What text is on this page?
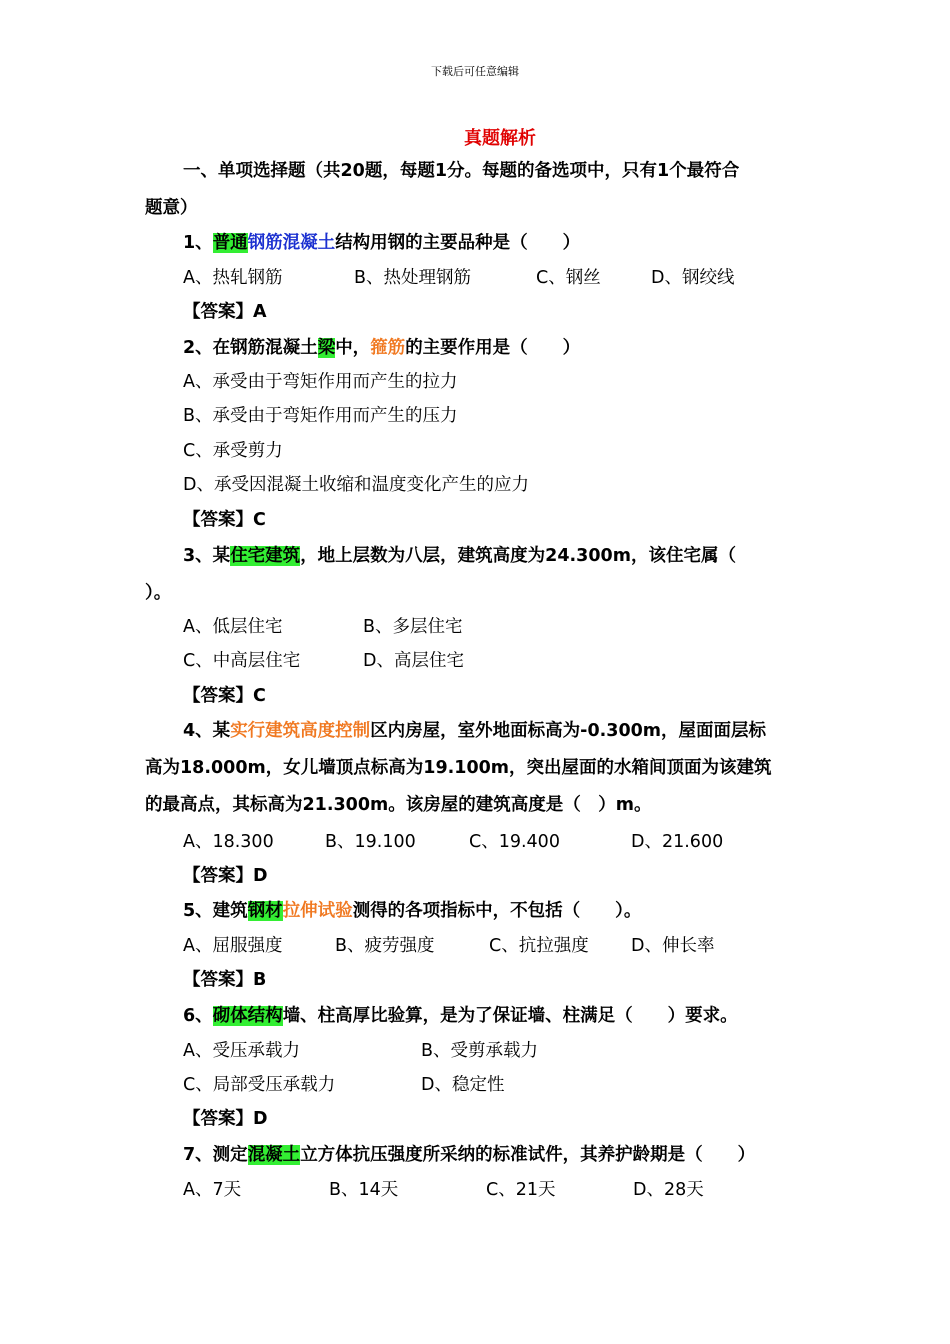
下载后可任意编辑
真题解析
一、单项选择题（共20题，每题1分。每题的备选项中，只有1个最符合
题意）
1、普通钢筋混凝土结构用钢的主要品种是（　　）
A、热轧钢筋	B、热处理钢筋	C、钢丝	D、钢绞线
【答案】A
2、在钢筋混凝土梁中，箍筋的主要作用是（　　）
A、承受由于弯矩作用而产生的拉力
B、承受由于弯矩作用而产生的压力
C、承受剪力
D、承受因混凝土收缩和温度变化产生的应力
【答案】C
3、某住宅建筑，地上层数为八层，建筑高度为24.300m，该住宅属（
）。
A、低层住宅	B、多层住宅
C、中高层住宅	D、高层住宅
【答案】C
4、某实行建筑高度控制区内房屋，室外地面标高为-0.300m，屋面面层标
高为18.000m，女儿墙顶点标高为19.100m，突出屋面的水箱间顶面为该建筑
的最高点，其标高为21.300m。该房屋的建筑高度是（　）m。
A、18.300	B、19.100	C、19.400	D、21.600
【答案】D
5、建筑钢材拉伸试验测得的各项指标中，不包括（　　）。
A、屈服强度	B、疲劳强度	C、抗拉强度 D、伸长率
【答案】B
6、砌体结构墙、柱高厚比验算，是为了保证墙、柱满足（　　）要求。
A、受压承载力	B、受剪承载力
C、局部受压承载力	D、稳定性
【答案】D
7、测定混凝土立方体抗压强度所采纳的标准试件，其养护龄期是（　　）
A、7天	B、14天	C、21天	D、28天
